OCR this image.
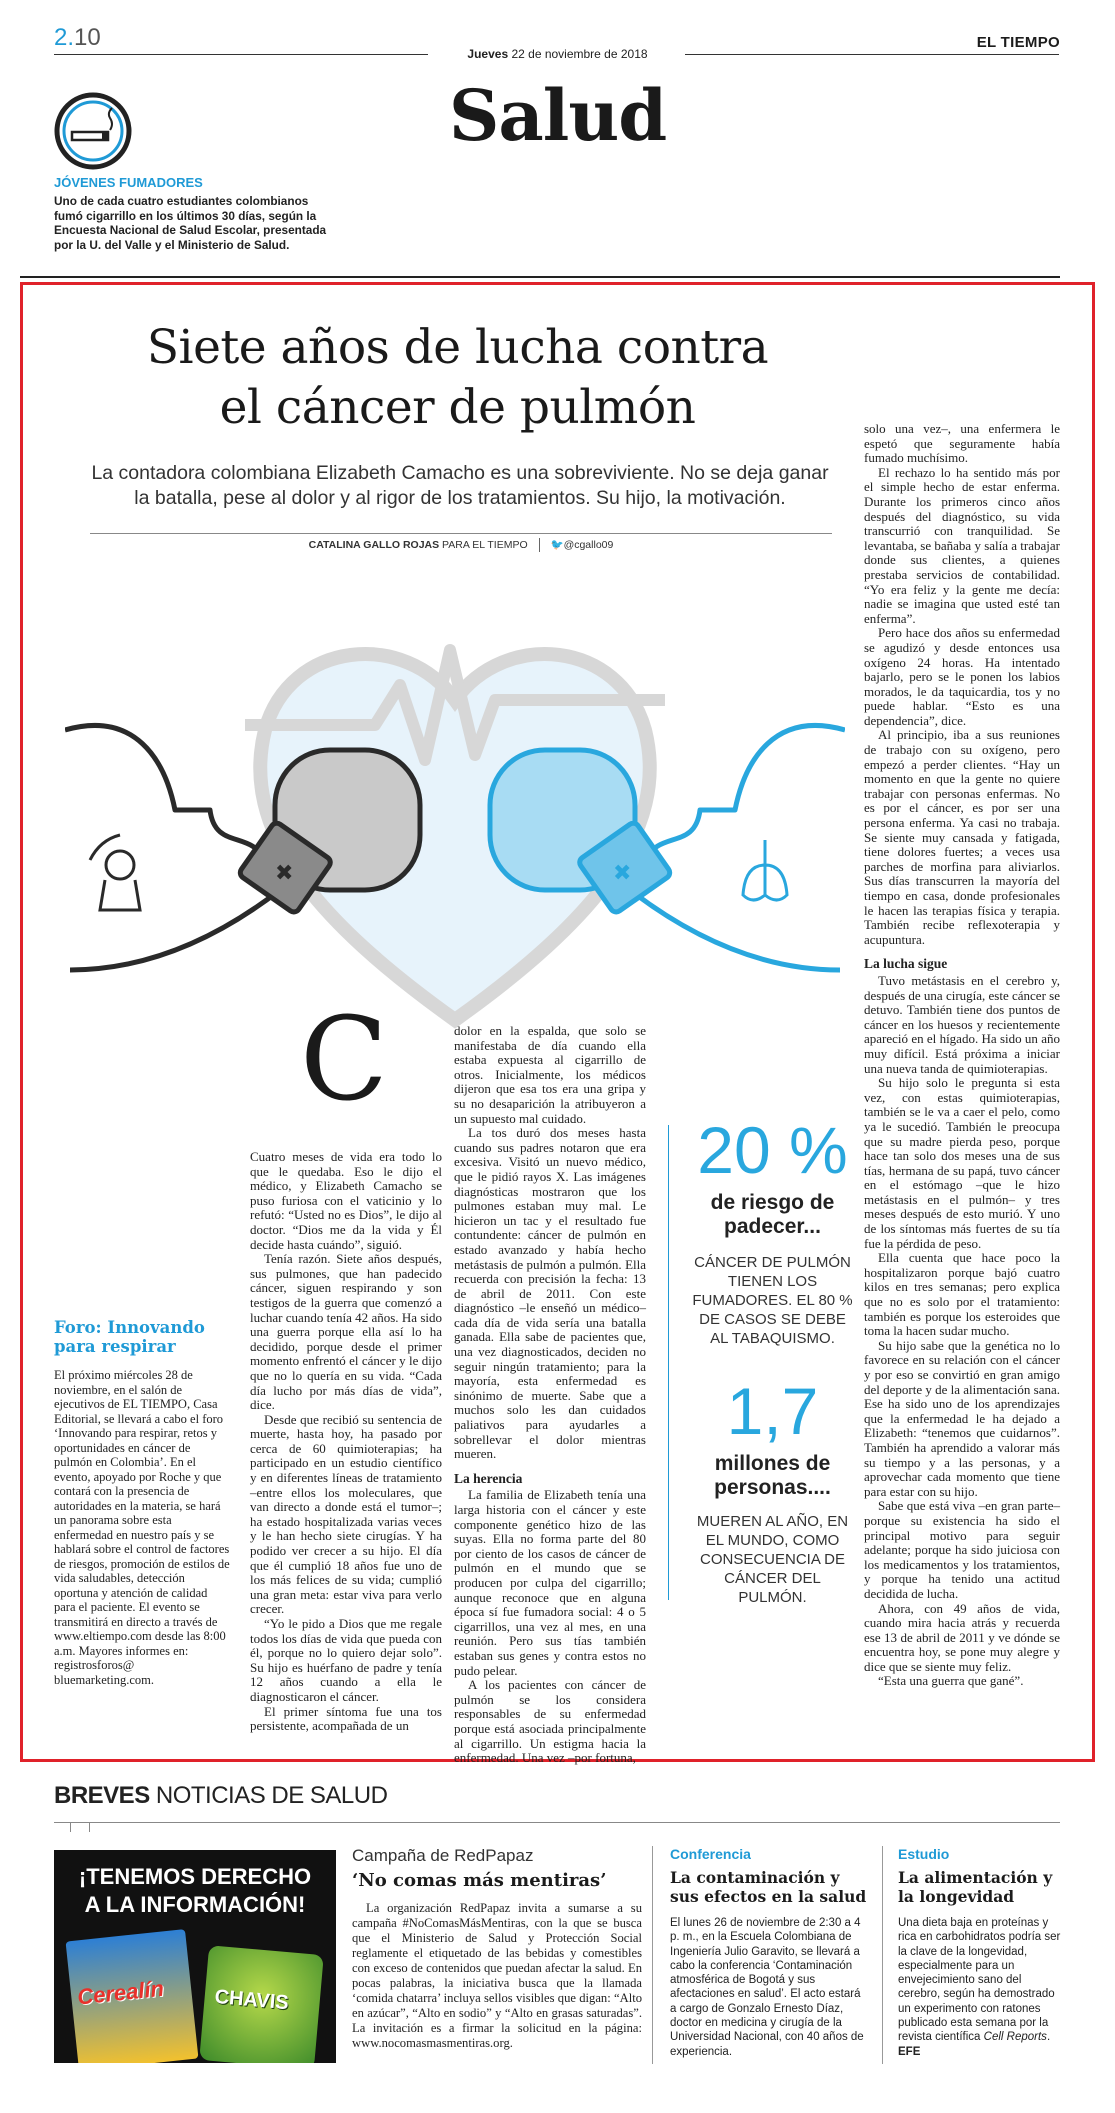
2.10
Jueves 22 de noviembre de 2018
EL TIEMPO
Salud
JÓVENES FUMADORES
Uno de cada cuatro estudiantes colombianos fumó cigarrillo en los últimos 30 días, según la Encuesta Nacional de Salud Escolar, presentada por la U. del Valle y el Ministerio de Salud.
Siete años de lucha contra
el cáncer de pulmón
La contadora colombiana Elizabeth Camacho es una sobreviviente. No se deja ganar la batalla, pese al dolor y al rigor de los tratamientos. Su hijo, la motivación.
CATALINA GALLO ROJAS PARA EL TIEMPO 🐦@cgallo09
✖	✖
C
Foro: Innovando para respirar
El próximo miércoles 28 de noviembre, en el salón de ejecutivos de EL TIEMPO, Casa Editorial, se llevará a cabo el foro ‘Innovando para respirar, retos y oportunidades en cáncer de pulmón en Colombia’. En el evento, apoyado por Roche y que contará con la presencia de autoridades en la materia, se hará un panorama sobre esta enfermedad en nuestro país y se hablará sobre el control de factores de riesgos, promoción de estilos de vida saludables, detección oportuna y atención de calidad para el paciente. El evento se transmitirá en directo a través de www.eltiempo.com desde las 8:00 a.m. Mayores informes en: registrosforos@ bluemarketing.com.

Cuatro meses de vida era todo lo que le quedaba. Eso le dijo el médico, y Elizabeth Camacho se puso furiosa con el vaticinio y lo refutó: “Usted no es Dios”, le dijo al doctor. “Dios me da la vida y Él decide hasta cuándo”, siguió.

Tenía razón. Siete años después, sus pulmones, que han padecido cáncer, siguen respirando y son testigos de la guerra que comenzó a luchar cuando tenía 42 años. Ha sido una guerra porque ella así lo ha decidido, porque desde el primer momento enfrentó el cáncer y le dijo que no lo quería en su vida. “Cada día lucho por más días de vida”, dice.

Desde que recibió su sentencia de muerte, hasta hoy, ha pasado por cerca de 60 quimioterapias; ha participado en un estudio científico y en diferentes líneas de tratamiento –entre ellos los moleculares, que van directo a donde está el tumor–; ha estado hospitalizada varias veces y le han hecho siete cirugías. Y ha podido ver crecer a su hijo. El día que él cumplió 18 años fue uno de los más felices de su vida; cumplió una gran meta: estar viva para verlo crecer.

“Yo le pido a Dios que me regale todos los días de vida que pueda con él, porque no lo quiero dejar solo”. Su hijo es huérfano de padre y tenía 12 años cuando a ella le diagnosticaron el cáncer.

El primer síntoma fue una tos persistente, acompañada de un

dolor en la espalda, que solo se manifestaba de día cuando ella estaba expuesta al cigarrillo de otros. Inicialmente, los médicos dijeron que esa tos era una gripa y su no desaparición la atribuyeron a un supuesto mal cuidado.

La tos duró dos meses hasta cuando sus padres notaron que era excesiva. Visitó un nuevo médico, que le pidió rayos X. Las imágenes diagnósticas mostraron que los pulmones estaban muy mal. Le hicieron un tac y el resultado fue contundente: cáncer de pulmón en estado avanzado y había hecho metástasis de pulmón a pulmón. Ella recuerda con precisión la fecha: 13 de abril de 2011. Con este diagnóstico –le enseñó un médico– cada día de vida sería una batalla ganada. Ella sabe de pacientes que, una vez diagnosticados, deciden no seguir ningún tratamiento; para la mayoría, esta enfermedad es sinónimo de muerte. Sabe que a muchos solo les dan cuidados paliativos para ayudarles a sobrellevar el dolor mientras mueren.

La herencia

La familia de Elizabeth tenía una larga historia con el cáncer y este componente genético hizo de las suyas. Ella no forma parte del 80 por ciento de los casos de cáncer de pulmón en el mundo que se producen por culpa del cigarrillo; aunque reconoce que en alguna época sí fue fumadora social: 4 o 5 cigarrillos, una vez al mes, en una reunión. Pero sus tías también estaban sus genes y contra estos no pudo pelear.

A los pacientes con cáncer de pulmón se los considera responsables de su enfermedad porque está asociada principalmente al cigarrillo. Un estigma hacia la enfermedad. Una vez –por fortuna,

20 %
de riesgo de padecer...
CÁNCER DE PULMÓN TIENEN LOS FUMADORES. EL 80 % DE CASOS SE DEBE AL TABAQUISMO.
1,7
millones de personas....
MUEREN AL AÑO, EN EL MUNDO, COMO CONSECUENCIA DE CÁNCER DEL PULMÓN.

solo una vez–, una enfermera le espetó que seguramente había fumado muchísimo.

El rechazo lo ha sentido más por el simple hecho de estar enferma. Durante los primeros cinco años después del diagnóstico, su vida transcurrió con tranquilidad. Se levantaba, se bañaba y salía a trabajar donde sus clientes, a quienes prestaba servicios de contabilidad. “Yo era feliz y la gente me decía: nadie se imagina que usted esté tan enferma”.

Pero hace dos años su enfermedad se agudizó y desde entonces usa oxígeno 24 horas. Ha intentado bajarlo, pero se le ponen los labios morados, le da taquicardia, tos y no puede hablar. “Esto es una dependencia”, dice.

Al principio, iba a sus reuniones de trabajo con su oxígeno, pero empezó a perder clientes. “Hay un momento en que la gente no quiere trabajar con personas enfermas. No es por el cáncer, es por ser una persona enferma. Ya casi no trabaja. Se siente muy cansada y fatigada, tiene dolores fuertes; a veces usa parches de morfina para aliviarlos. Sus días transcurren la mayoría del tiempo en casa, donde profesionales le hacen las terapias física y terapia. También recibe reflexoterapia y acupuntura.

La lucha sigue

Tuvo metástasis en el cerebro y, después de una cirugía, este cáncer se detuvo. También tiene dos puntos de cáncer en los huesos y recientemente apareció en el hígado. Ha sido un año muy difícil. Está próxima a iniciar una nueva tanda de quimioterapias.

Su hijo solo le pregunta si esta vez, con estas quimioterapias, también se le va a caer el pelo, como ya le sucedió. También le preocupa que su madre pierda peso, porque hace tan solo dos meses una de sus tías, hermana de su papá, tuvo cáncer en el estómago –que le hizo metástasis en el pulmón– y tres meses después de esto murió. Y uno de los síntomas más fuertes de su tía fue la pérdida de peso.

Ella cuenta que hace poco la hospitalizaron porque bajó cuatro kilos en tres semanas; pero explica que no es solo por el tratamiento: también es porque los esteroides que toma la hacen sudar mucho.

Su hijo sabe que la genética no lo favorece en su relación con el cáncer y por eso se convirtió en gran amigo del deporte y de la alimentación sana. Ese ha sido uno de los aprendizajes que la enfermedad le ha dejado a Elizabeth: “tenemos que cuidarnos”. También ha aprendido a valorar más su tiempo y a las personas, y a aprovechar cada momento que tiene para estar con su hijo.

Sabe que está viva –en gran parte– porque su existencia ha sido el principal motivo para seguir adelante; porque ha sido juiciosa con los medicamentos y los tratamientos, y porque ha tenido una actitud decidida de lucha.

Ahora, con 49 años de vida, cuando mira hacia atrás y recuerda ese 13 de abril de 2011 y ve dónde se encuentra hoy, se pone muy alegre y dice que se siente muy feliz.

“Esta una guerra que gané”.

BREVES NOTICIAS DE SALUD
¡TENEMOS DERECHO
A LA INFORMACIÓN!
Cerealín CHAVIS
Campaña de RedPapaz
‘No comas más mentiras’
La organización RedPapaz invita a sumarse a su campaña #NoComasMásMentiras, con la que se busca que el Ministerio de Salud y Protección Social reglamente el etiquetado de las bebidas y comestibles con exceso de contenidos que puedan afectar la salud. En pocas palabras, la iniciativa busca que la llamada ‘comida chatarra’ incluya sellos visibles que digan: “Alto en azúcar”, “Alto en sodio” y “Alto en grasas saturadas”. La invitación es a firmar la solicitud en la página: www.nocomasmasmentiras.org.
Conferencia
La contaminación y sus efectos en la salud
El lunes 26 de noviembre de 2:30 a 4 p. m., en la Escuela Colombiana de Ingeniería Julio Garavito, se llevará a cabo la conferencia ‘Contaminación atmosférica de Bogotá y sus afectaciones en salud’. El acto estará a cargo de Gonzalo Ernesto Díaz, doctor en medicina y cirugía de la Universidad Nacional, con 40 años de experiencia.
Estudio
La alimentación y la longevidad
Una dieta baja en proteínas y rica en carbohidratos podría ser la clave de la longevidad, especialmente para un envejecimiento sano del cerebro, según ha demostrado un experimento con ratones publicado esta semana por la revista científica Cell Reports.
EFE
